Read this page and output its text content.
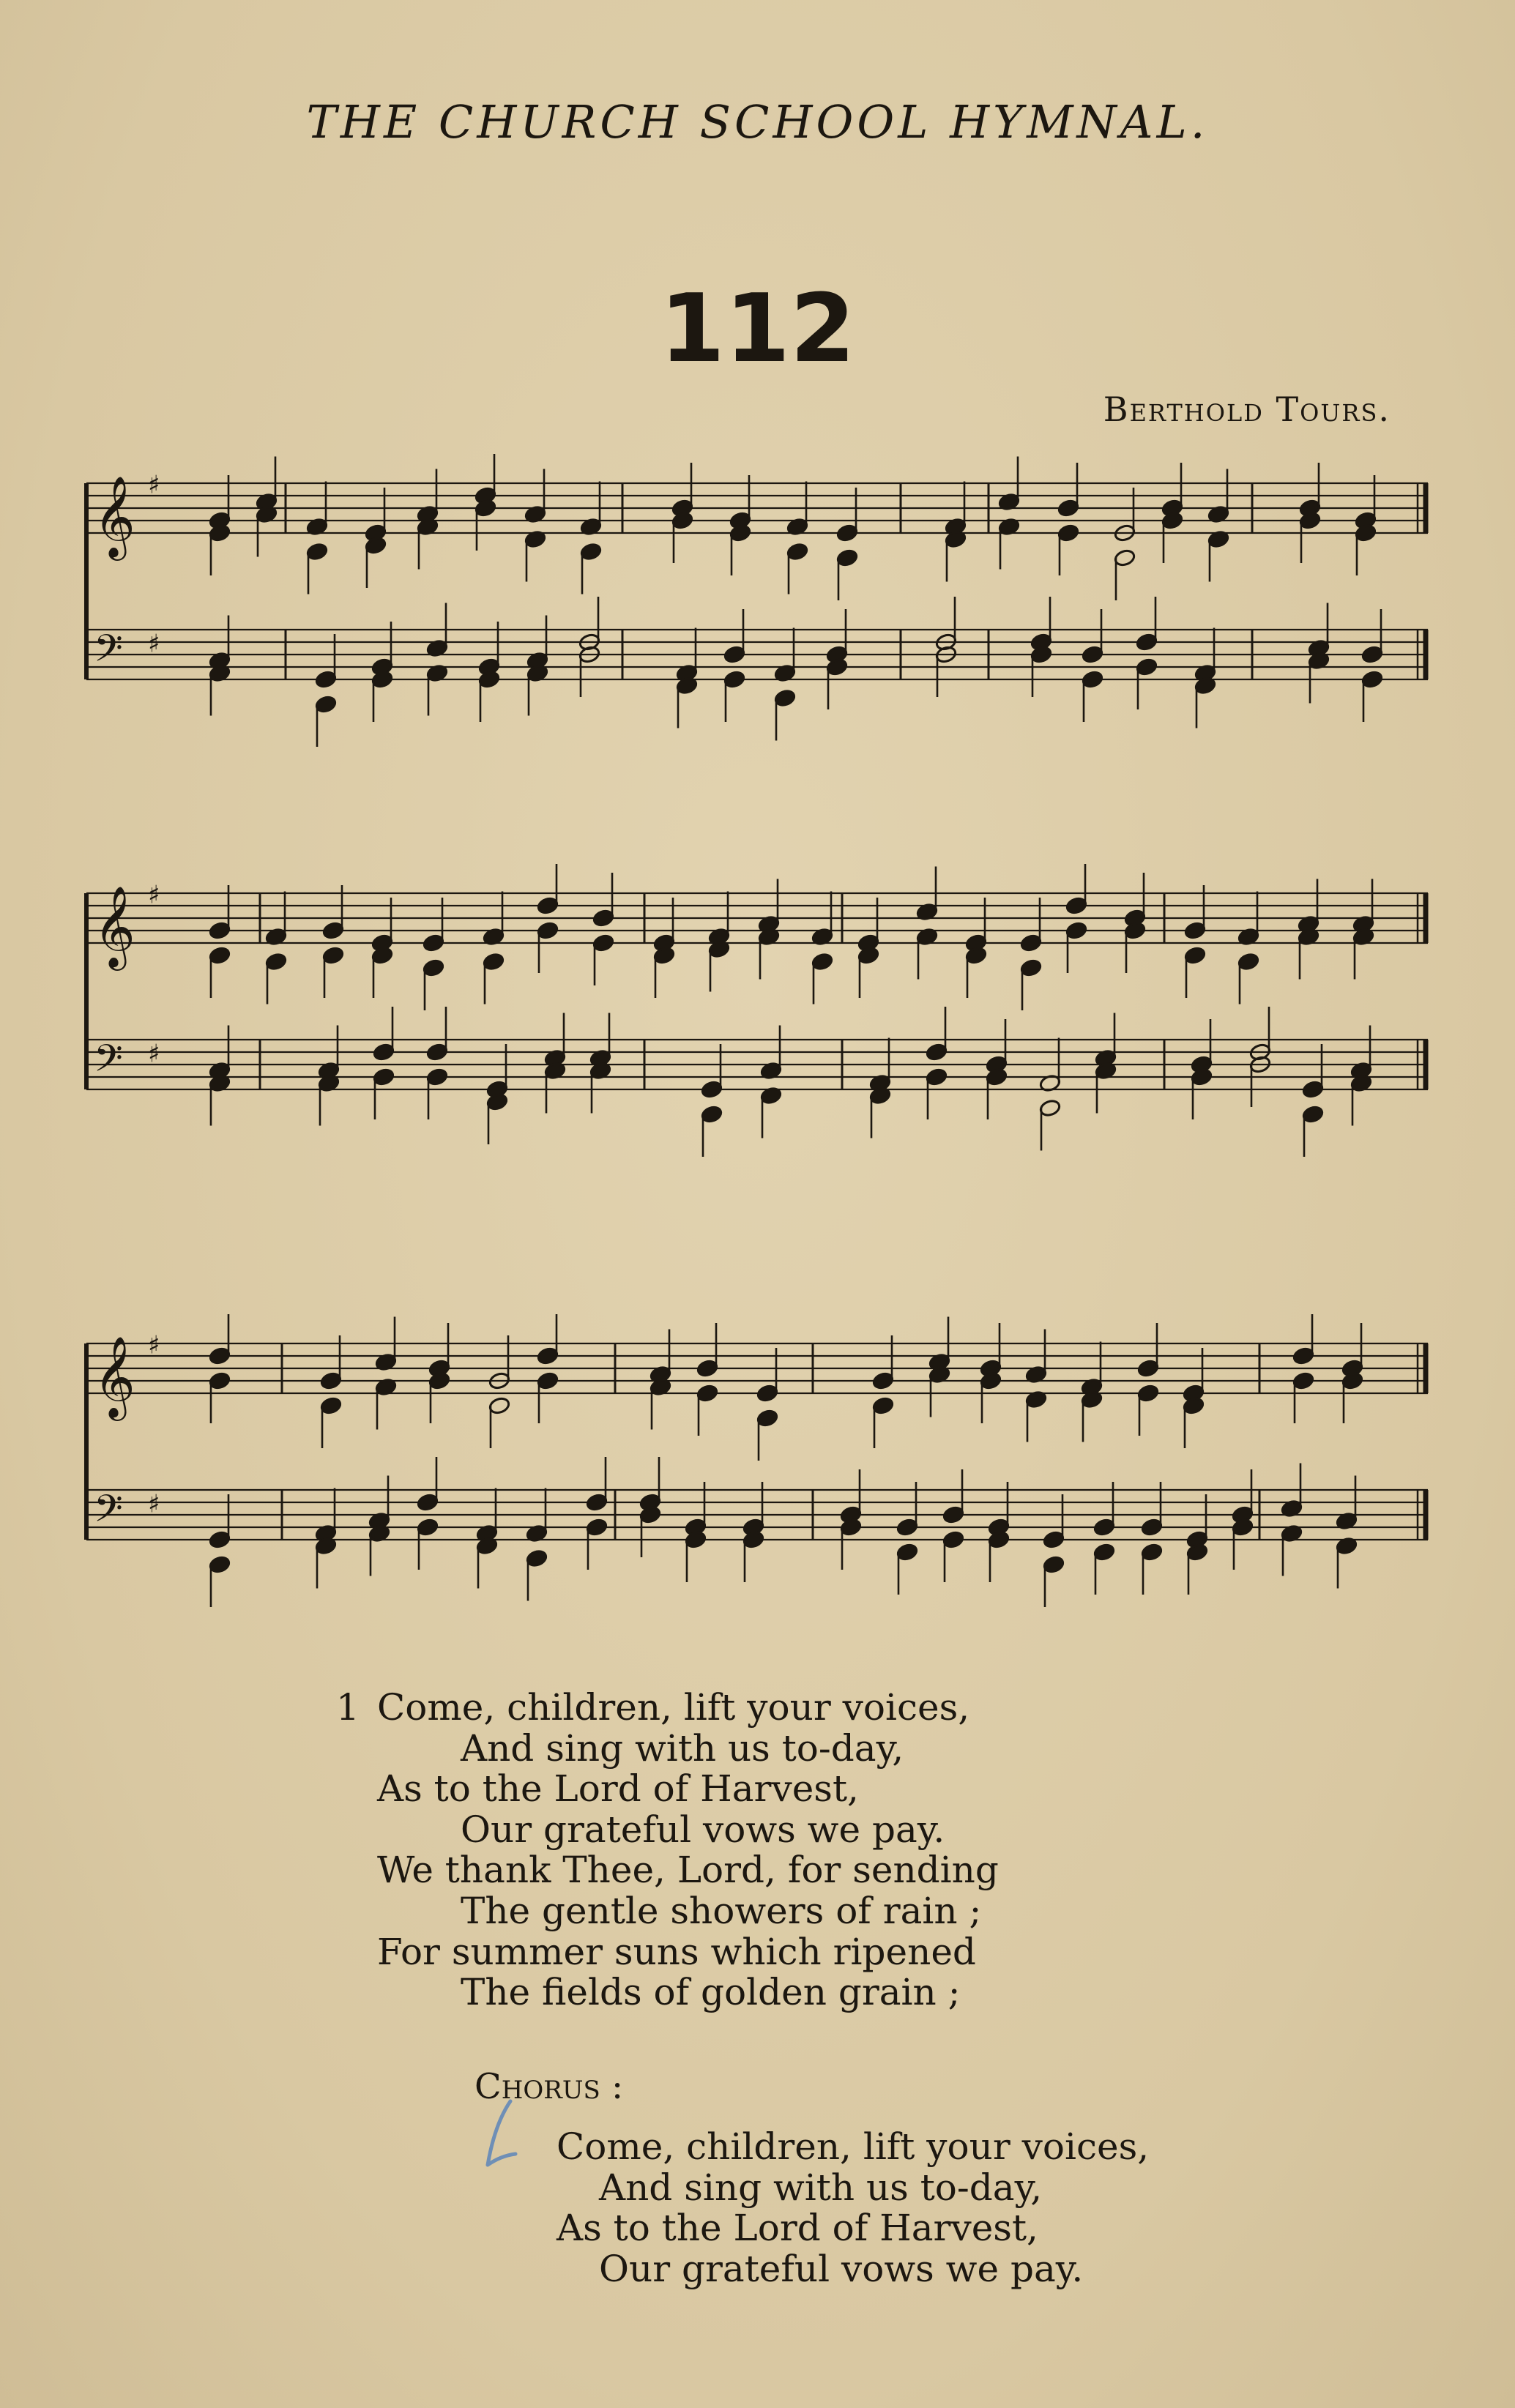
THE CHURCH SCHOOL HYMNAL.
112
Berthold Tours.
𝄞 ♯
𝄢 ♯
𝄞 ♯
𝄢 ♯
𝄞 ♯
𝄢 ♯
1 Come, children, lift your voices,
And sing with us to-day,
As to the Lord of Harvest,
Our grateful vows we pay.
We thank Thee, Lord, for sending
The gentle showers of rain ;
For summer suns which ripened
The fields of golden grain ;
Chorus :
Come, children, lift your voices,
And sing with us to-day,
As to the Lord of Harvest,
Our grateful vows we pay.
